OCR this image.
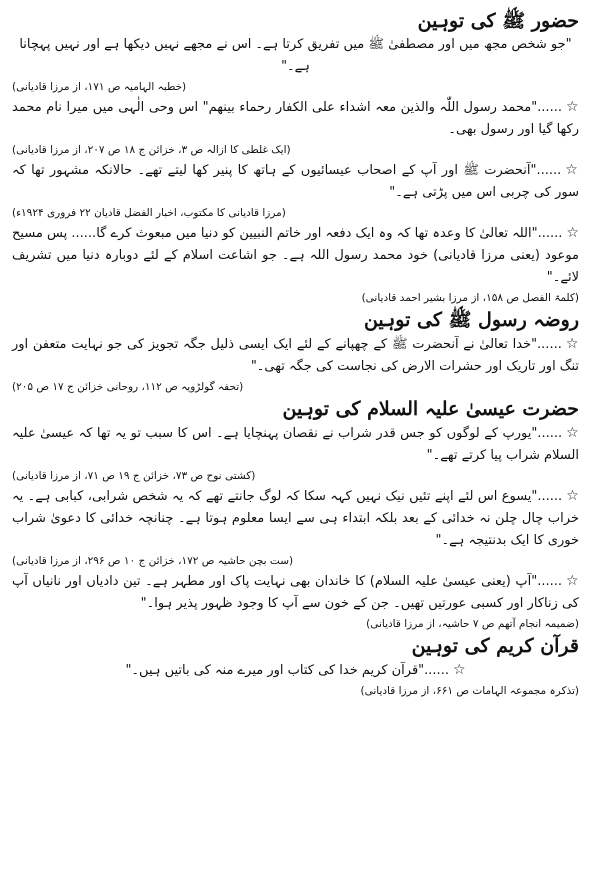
حضور ﷺ کی توہین

"جو شخص مجھ میں اور مصطفیٰ ﷺ میں تفریق کرتا ہے۔ اس نے مجھے نہیں دیکھا ہے اور نہیں پہچانا ہے۔"

(خطبہ الہامیہ ص ۱۷۱، از مرزا قادیانی)

☆......"محمد رسول اللّٰہ والذین معہ اشداء علی الکفار رحماء بینھم" اس وحی الٰہی میں میرا نام محمد رکھا گیا اور رسول بھی۔

(ایک غلطی کا ازالہ ص ۳، خزائن ج ۱۸ ص ۲۰۷، از مرزا قادیانی)

☆......"آنحضرت ﷺ اور آپ کے اصحاب عیسائیوں کے ہاتھ کا پنیر کھا لیتے تھے۔ حالانکہ مشہور تھا کہ سور کی چربی اس میں پڑتی ہے۔"

(مرزا قادیانی کا مکتوب، اخبار الفضل قادیان ۲۲ فروری ۱۹۲۴ء)

☆......"اللہ تعالیٰ کا وعدہ تھا کہ وہ ایک دفعہ اور خاتم النبیین کو دنیا میں مبعوث کرے گا...... پس مسیح موعود (یعنی مرزا قادیانی) خود محمد رسول اللہ ہے۔ جو اشاعت اسلام کے لئے دوبارہ دنیا میں تشریف لائے۔"

(کلمۃ الفصل ص ۱۵۸، از مرزا بشیر احمد قادیانی)

روضہ رسول ﷺ کی توہین

☆......"خدا تعالیٰ نے آنحضرت ﷺ کے چھپانے کے لئے ایک ایسی ذلیل جگہ تجویز کی جو نہایت متعفن اور تنگ اور تاریک اور حشرات الارض کی نجاست کی جگہ تھی۔"

(تحفہ گولڑویہ ص ۱۱۲، روحانی خزائن ج ۱۷ ص ۲۰۵)

حضرت عیسیٰ علیہ السلام کی توہین

☆......"یورپ کے لوگوں کو جس قدر شراب نے نقصان پہنچایا ہے۔ اس کا سبب تو یہ تھا کہ عیسیٰ علیہ السلام شراب پیا کرتے تھے۔"

(کشتی نوح ص ۷۳، خزائن ج ۱۹ ص ۷۱، از مرزا قادیانی)

☆......"یسوع اس لئے اپنے تئیں نیک نہیں کہہ سکا کہ لوگ جانتے تھے کہ یہ شخص شرابی، کبابی ہے۔ یہ خراب چال چلن نہ خدائی کے بعد بلکہ ابتداء ہی سے ایسا معلوم ہوتا ہے۔ چنانچہ خدائی کا دعویٰ شراب خوری کا ایک بدنتیجہ ہے۔"

(ست بچن حاشیہ ص ۱۷۲، خزائن ج ۱۰ ص ۲۹۶، از مرزا قادیانی)

☆......"آپ (یعنی عیسیٰ علیہ السلام) کا خاندان بھی نہایت پاک اور مطہر ہے۔ تین دادیاں اور نانیاں آپ کی زناکار اور کسبی عورتیں تھیں۔ جن کے خون سے آپ کا وجود ظہور پذیر ہوا۔"

(ضمیمہ انجام آتھم ص ۷ حاشیہ، از مرزا قادیانی)

قرآن کریم کی توہین

☆......"قرآن کریم خدا کی کتاب اور میرے منہ کی باتیں ہیں۔"

(تذکرہ مجموعہ الہامات ص ۶۶۱، از مرزا قادیانی)
